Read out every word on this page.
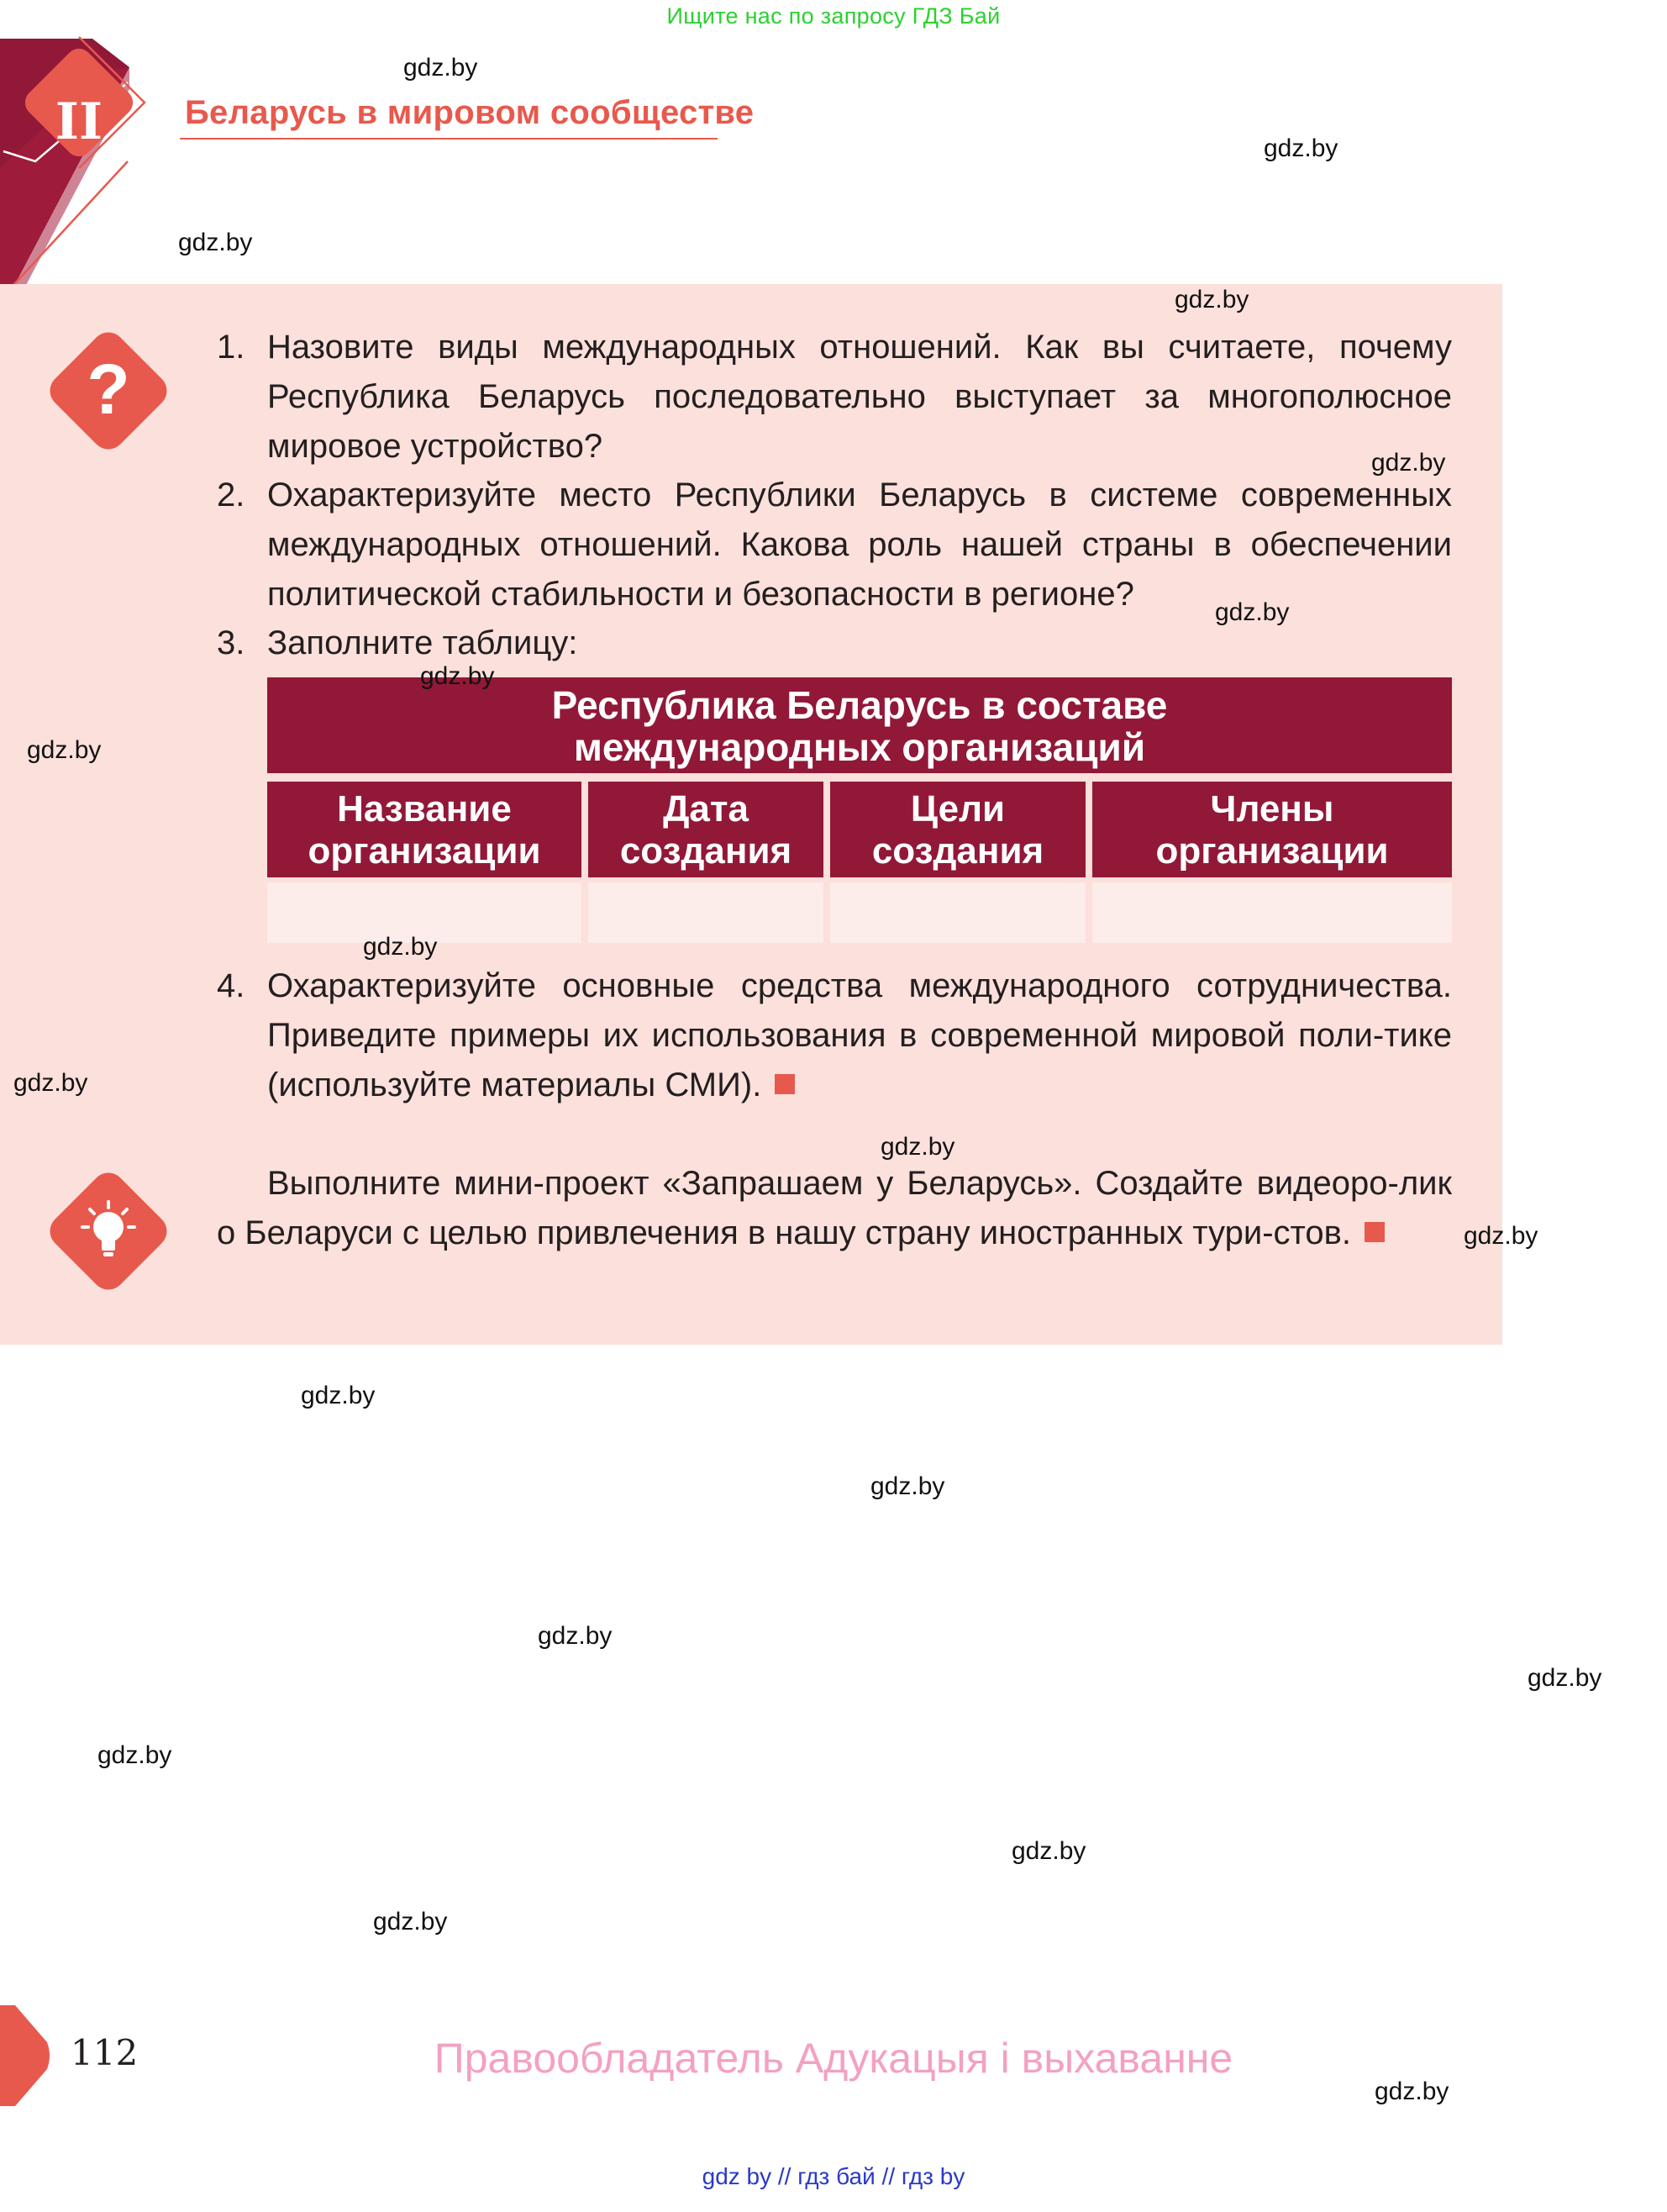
Ищите нас по запросу ГДЗ Бай
II	Беларусь в мировом сообществе
?
1. Назовите виды международных отношений. Как вы считаете, почему Республика Беларусь последовательно выступает за многополюсное мировое устройство?
2. Охарактеризуйте место Республики Беларусь в системе современных международных отношений. Какова роль нашей страны в обеспечении политической стабильности и безопасности в регионе?
3. Заполните таблицу:
Республика Беларусь в составе
международных организаций
Название
организации
Дата
создания
Цели
создания
Члены
организации
4. Охарактеризуйте основные средства международного сотрудничества. Приведите примеры их использования в современной мировой поли-тике (используйте материалы СМИ).
Выполните мини-проект «Запрашаем у Беларусь». Создайте видеоро-лик о Беларуси с целью привлечения в нашу страну иностранных тури-стов.
gdz.by
gdz.by
gdz.by
gdz.by
gdz.by
gdz.by
gdz.by
gdz.by
gdz.by
gdz.by
gdz.by
gdz.by
gdz.by
gdz.by
gdz.by
gdz.by
gdz.by
gdz.by
gdz.by
gdz.by
112	Правообладатель Адукацыя і выхаванне
gdz by // гдз бай // гдз by
